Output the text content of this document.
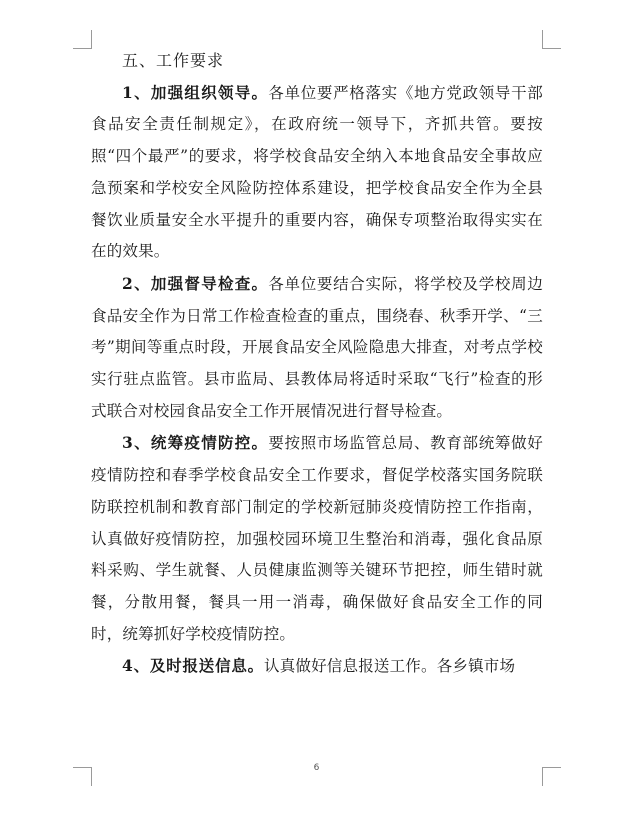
五、工作要求

1、加强组织领导。各单位要严格落实《地方党政领导干部食品安全责任制规定》，在政府统一领导下，齐抓共管。要按照“四个最严”的要求，将学校食品安全纳入本地食品安全事故应急预案和学校安全风险防控体系建设，把学校食品安全作为全县餐饮业质量安全水平提升的重要内容，确保专项整治取得实实在在的效果。

2、加强督导检查。各单位要结合实际，将学校及学校周边食品安全作为日常工作检查检查的重点，围绕春、秋季开学、“三考”期间等重点时段，开展食品安全风险隐患大排查，对考点学校实行驻点监管。县市监局、县教体局将适时采取“飞行”检查的形式联合对校园食品安全工作开展情况进行督导检查。

3、统筹疫情防控。要按照市场监管总局、教育部统筹做好疫情防控和春季学校食品安全工作要求，督促学校落实国务院联防联控机制和教育部门制定的学校新冠肺炎疫情防控工作指南，认真做好疫情防控，加强校园环境卫生整治和消毒，强化食品原料采购、学生就餐、人员健康监测等关键环节把控，师生错时就餐，分散用餐，餐具一用一消毒，确保做好食品安全工作的同时，统筹抓好学校疫情防控。

4、及时报送信息。认真做好信息报送工作。各乡镇市场

6
